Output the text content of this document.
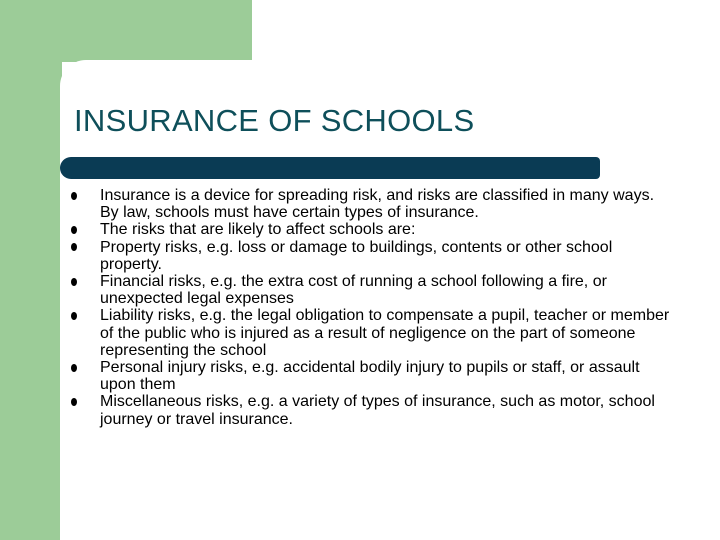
INSURANCE OF SCHOOLS
Insurance is a device for spreading risk, and risks are classified in many ways. By law, schools must have certain types of insurance.
The risks that are likely to affect schools are:
Property risks, e.g. loss or damage to buildings, contents or other school property.
Financial risks, e.g. the extra cost of running a school following a fire, or unexpected legal expenses
Liability risks, e.g. the legal obligation to compensate a pupil, teacher or member of the public who is injured as a result of negligence on the part of someone representing the school
Personal injury risks, e.g. accidental bodily injury to pupils or staff, or assault upon them
Miscellaneous risks, e.g. a variety of types of insurance, such as motor, school journey or travel insurance.
